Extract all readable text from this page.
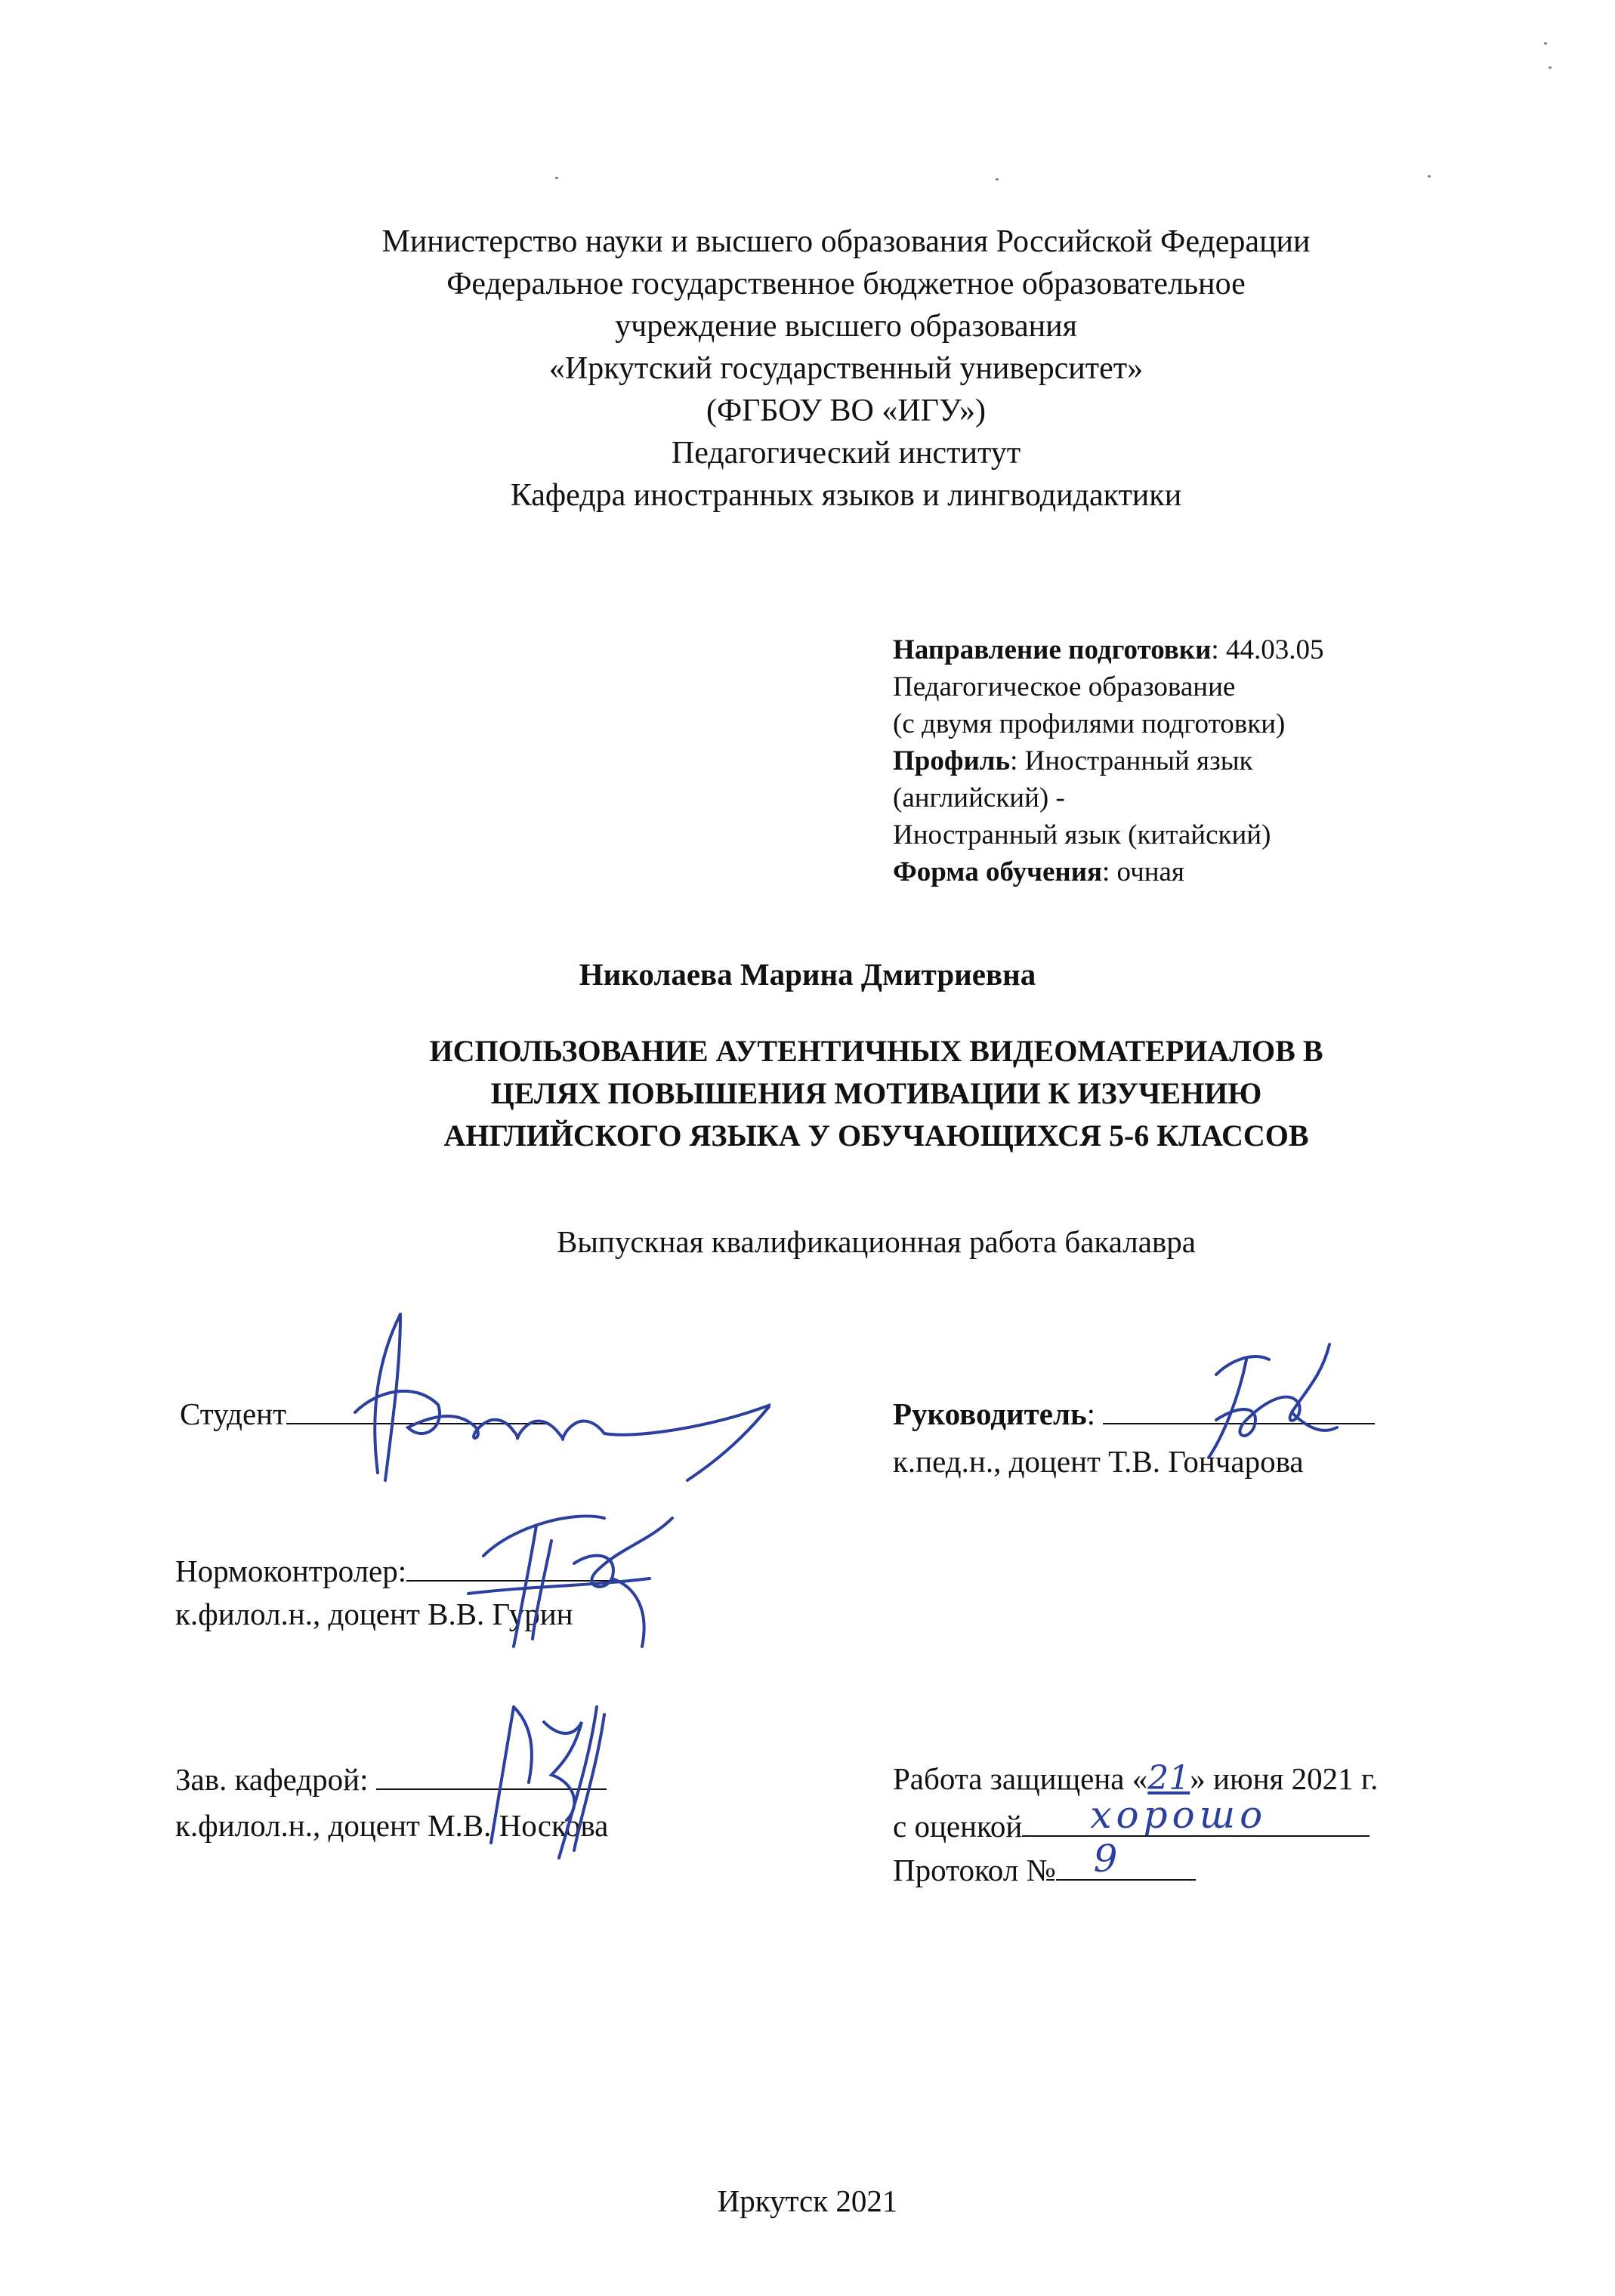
Министерство науки и высшего образования Российской Федерации
Федеральное государственное бюджетное образовательное
учреждение высшего образования
«Иркутский государственный университет»
(ФГБОУ ВО «ИГУ»)
Педагогический институт
Кафедра иностранных языков и лингводидактики
Направление подготовки: 44.03.05
Педагогическое образование
(с двумя профилями подготовки)
Профиль: Иностранный язык
(английский) -
Иностранный язык (китайский)
Форма обучения: очная
Николаева Марина Дмитриевна
ИСПОЛЬЗОВАНИЕ АУТЕНТИЧНЫХ ВИДЕОМАТЕРИАЛОВ В
ЦЕЛЯХ ПОВЫШЕНИЯ МОТИВАЦИИ К ИЗУЧЕНИЮ
АНГЛИЙСКОГО ЯЗЫКА У ОБУЧАЮЩИХСЯ 5-6 КЛАССОВ
Выпускная квалификационная работа бакалавра
Студент	Руководитель:
к.пед.н., доцент Т.В. Гончарова
Нормоконтролер:
к.филол.н., доцент В.В. Гурин
Зав. кафедрой:
к.филол.н., доцент М.В. Носкова
Работа защищена «21» июня 2021 г.
с оценкой хорошо
Протокол № 9
Иркутск 2021
